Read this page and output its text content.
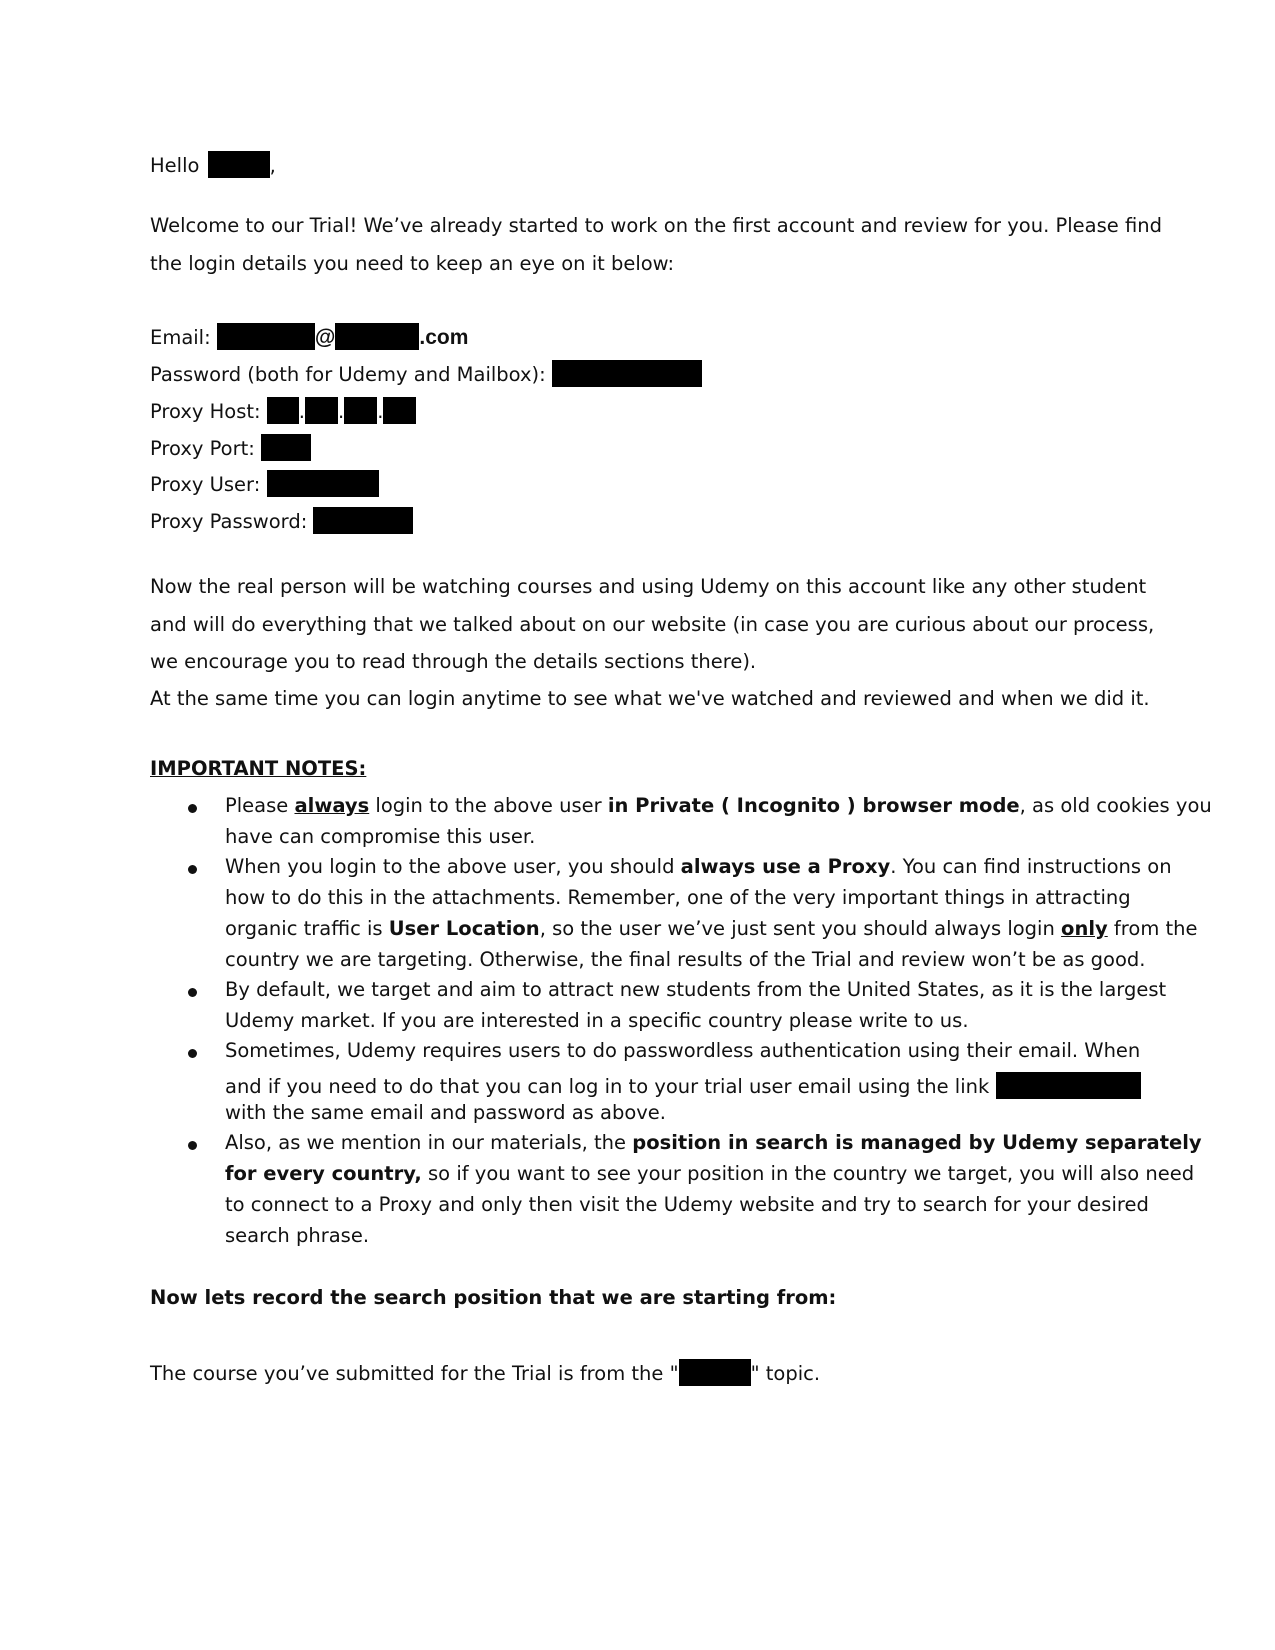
Hello	,
Welcome to our Trial! We’ve already started to work on the first account and review for you. Please find
the login details you need to keep an eye on it below:
Email:	@	.com
Password (both for Udemy and Mailbox):
Proxy Host: . . .
Proxy Port:
Proxy User:
Proxy Password:
Now the real person will be watching courses and using Udemy on this account like any other student
and will do everything that we talked about on our website (in case you are curious about our process,
we encourage you to read through the details sections there).
At the same time you can login anytime to see what we've watched and reviewed and when we did it.
IMPORTANT NOTES:
Please always login to the above user in Private ( Incognito ) browser mode, as old cookies you
have can compromise this user.
When you login to the above user, you should always use a Proxy. You can find instructions on
how to do this in the attachments. Remember, one of the very important things in attracting
organic traffic is User Location, so the user we’ve just sent you should always login only from the
country we are targeting. Otherwise, the final results of the Trial and review won’t be as good.
By default, we target and aim to attract new students from the United States, as it is the largest
Udemy market. If you are interested in a specific country please write to us.
Sometimes, Udemy requires users to do passwordless authentication using their email. When
and if you need to do that you can log in to your trial user email using the link
with the same email and password as above.
Also, as we mention in our materials, the position in search is managed by Udemy separately
for every country, so if you want to see your position in the country we target, you will also need
to connect to a Proxy and only then visit the Udemy website and try to search for your desired
search phrase.
Now lets record the search position that we are starting from:
The course you’ve submitted for the Trial is from the "	" topic.
